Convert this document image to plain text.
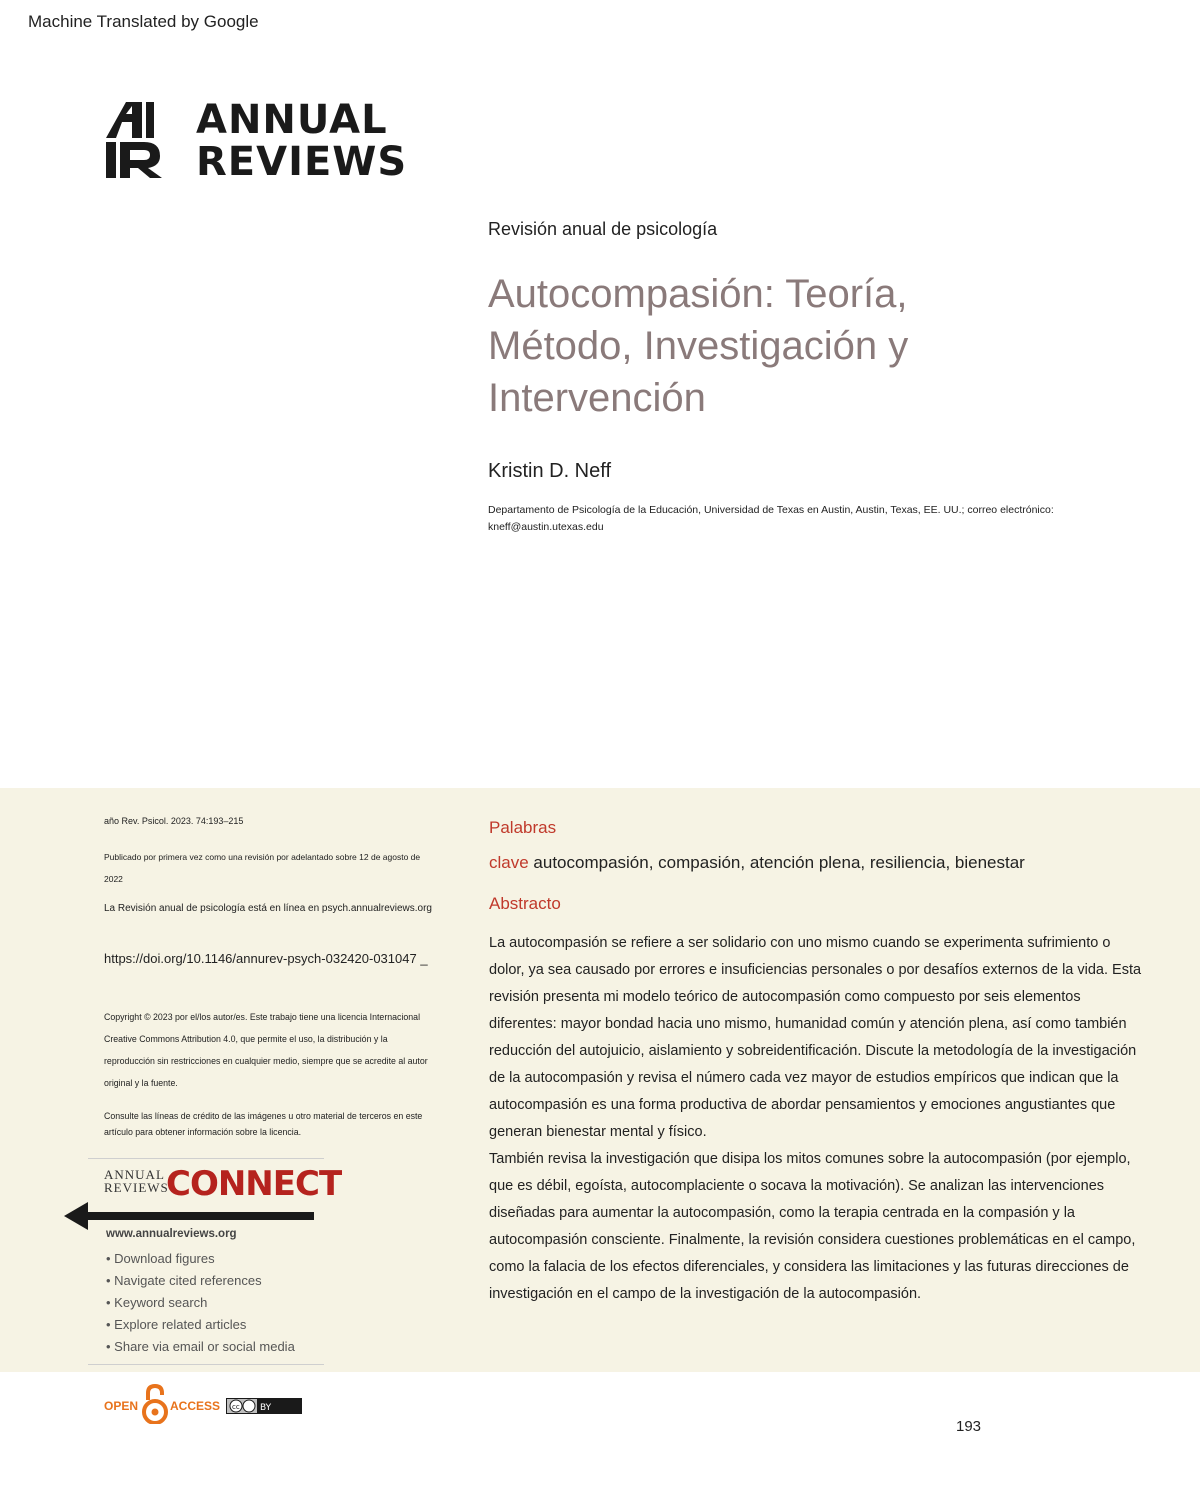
Machine Translated by Google
ANNUAL
REVIEWS
Revisión anual de psicología
Autocompasión: Teoría, Método, Investigación y Intervención
Kristin D. Neff
Departamento de Psicología de la Educación, Universidad de Texas en Austin, Austin, Texas, EE. UU.; correo electrónico: kneff@austin.utexas.edu
año Rev. Psicol. 2023. 74:193–215
Publicado por primera vez como una revisión por adelantado sobre 12 de agosto de 2022
La Revisión anual de psicología está en línea en psych.annualreviews.org
https://doi.org/10.1146/annurev-psych-032420-031047 _
Copyright © 2023 por el/los autor/es. Este trabajo tiene una licencia Internacional Creative Commons Attribution 4.0, que permite el uso, la distribución y la reproducción sin restricciones en cualquier medio, siempre que se acredite al autor original y la fuente.
Consulte las líneas de crédito de las imágenes u otro material de terceros en este artículo para obtener información sobre la licencia.
ANNUAL
REVIEWS
CONNECT
www.annualreviews.org
• Download figures
• Navigate cited references
• Keyword search
• Explore related articles
• Share via email or social media
Palabras
clave autocompasión, compasión, atención plena, resiliencia, bienestar
Abstracto

La autocompasión se refiere a ser solidario con uno mismo cuando se experimenta sufrimiento o dolor, ya sea causado por errores e insuficiencias personales o por desafíos externos de la vida. Esta revisión presenta mi modelo teórico de autocompasión como compuesto por seis elementos diferentes: mayor bondad hacia uno mismo, humanidad común y atención plena, así como también reducción del autojuicio, aislamiento y sobreidentificación. Discute la metodología de la investigación de la autocompasión y revisa el número cada vez mayor de estudios empíricos que indican que la autocompasión es una forma productiva de abordar pensamientos y emociones angustiantes que generan bienestar mental y físico.

También revisa la investigación que disipa los mitos comunes sobre la autocompasión (por ejemplo, que es débil, egoísta, autocomplaciente o socava la motivación). Se analizan las intervenciones diseñadas para aumentar la autocompasión, como la terapia centrada en la compasión y la autocompasión consciente. Finalmente, la revisión considera cuestiones problemáticas en el campo, como la falacia de los efectos diferenciales, y considera las limitaciones y las futuras direcciones de investigación en el campo de la investigación de la autocompasión.

OPEN	ACCESS cc BY
193
